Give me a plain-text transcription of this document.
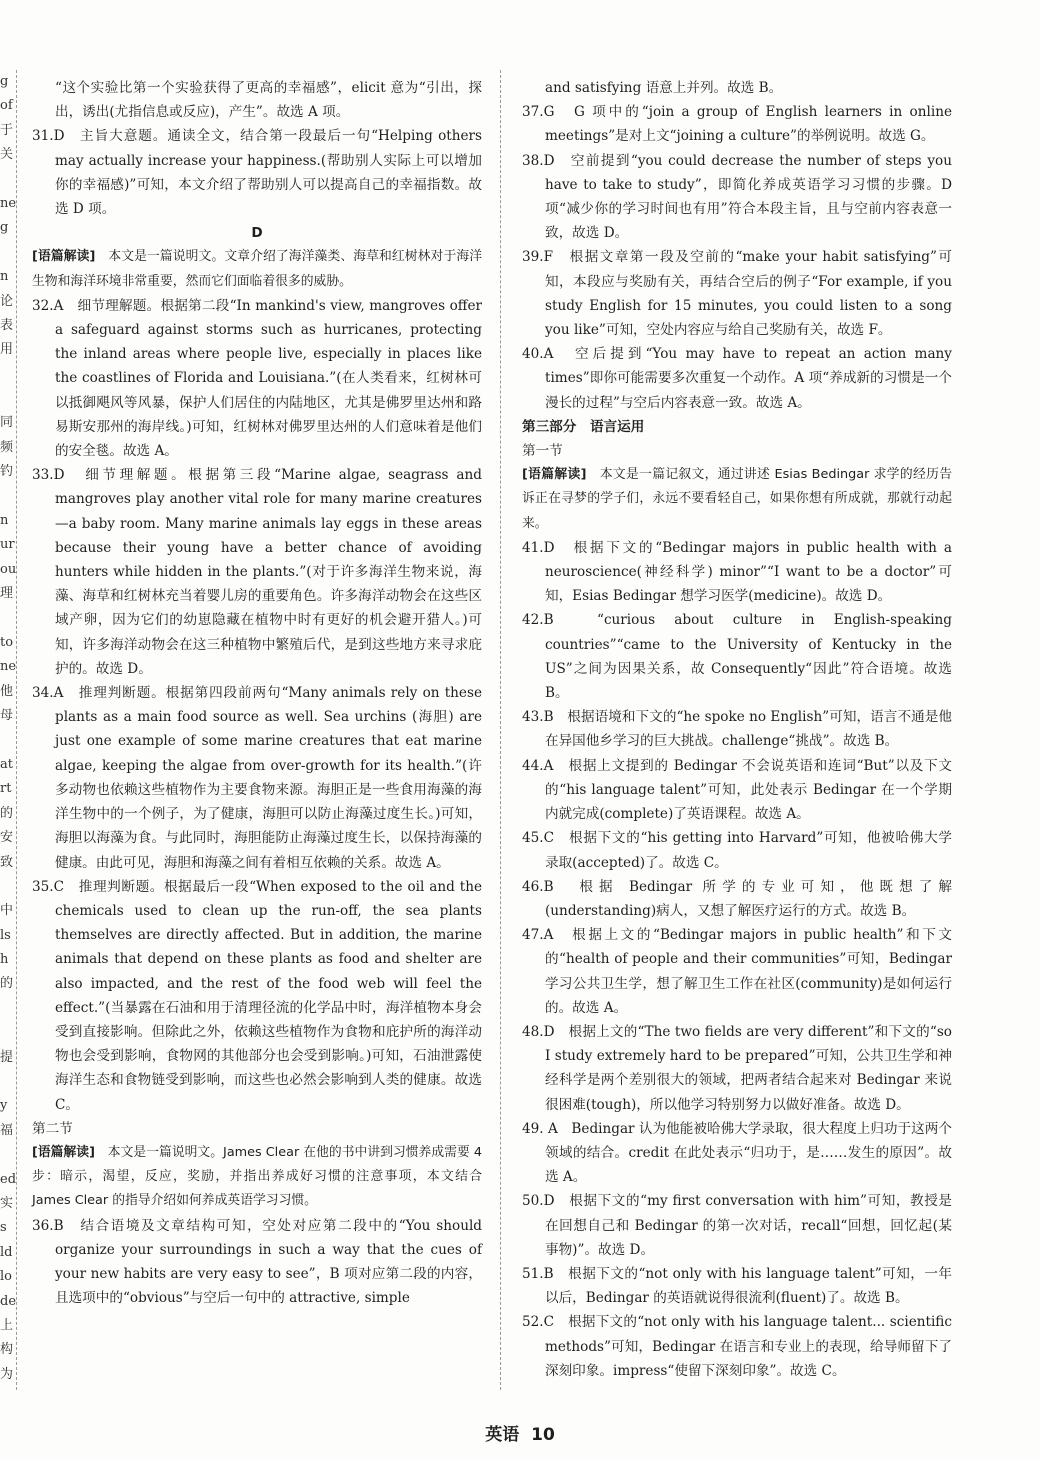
g
of
于
关
ne
g
n
论
表
用
同
频
钓
n
ur
ou
理
to
ne
他
母
at
rt
的
安
致
中
ls
h
的
提
y
福
ed
实
s
ld
lo
de
上
构
为

“这个实验比第一个实验获得了更高的幸福感”，elicit 意为“引出，探出，诱出(尤指信息或反应)，产生”。故选 A 项。

31.D　主旨大意题。通读全文，结合第一段最后一句“Helping others may actually increase your happiness.(帮助别人实际上可以增加你的幸福感)”可知，本文介绍了帮助别人可以提高自己的幸福指数。故选 D 项。

D

[ 语篇解读 ]　本文是一篇说明文。文章介绍了海洋藻类、海草和红树林对于海洋生物和海洋环境非常重要，然而它们面临着很多的威胁。

32.A　细节理解题。根据第二段“In mankind's view, mangroves offer a safeguard against storms such as hurricanes, protecting the inland areas where people live, especially in places like the coastlines of Florida and Louisiana.”(在人类看来，红树林可以抵御飓风等风暴，保护人们居住的内陆地区，尤其是佛罗里达州和路易斯安那州的海岸线。)可知，红树林对佛罗里达州的人们意味着是他们的安全毯。故选 A。

33.D　细节理解题。根据第三段“Marine algae, seagrass and mangroves play another vital role for many marine creatures—a baby room. Many marine animals lay eggs in these areas because their young have a better chance of avoiding hunters while hidden in the plants.”(对于许多海洋生物来说，海藻、海草和红树林充当着婴儿房的重要角色。许多海洋动物会在这些区域产卵，因为它们的幼崽隐藏在植物中时有更好的机会避开猎人。)可知，许多海洋动物会在这三种植物中繁殖后代，是到这些地方来寻求庇护的。故选 D。

34.A　推理判断题。根据第四段前两句“Many animals rely on these plants as a main food source as well. Sea urchins (海胆) are just one example of some marine creatures that eat marine algae, keeping the algae from over-growth for its health.”(许多动物也依赖这些植物作为主要食物来源。海胆正是一些食用海藻的海洋生物中的一个例子，为了健康，海胆可以防止海藻过度生长。)可知，海胆以海藻为食。与此同时，海胆能防止海藻过度生长，以保持海藻的健康。由此可见，海胆和海藻之间有着相互依赖的关系。故选 A。

35.C　推理判断题。根据最后一段“When exposed to the oil and the chemicals used to clean up the run-off, the sea plants themselves are directly affected. But in addition, the marine animals that depend on these plants as food and shelter are also impacted, and the rest of the food web will feel the effect.”(当暴露在石油和用于清理径流的化学品中时，海洋植物本身会受到直接影响。但除此之外，依赖这些植物作为食物和庇护所的海洋动物也会受到影响，食物网的其他部分也会受到影响。)可知，石油泄露使海洋生态和食物链受到影响，而这些也必然会影响到人类的健康。故选 C。

第二节

[ 语篇解读 ]　本文是一篇说明文。James Clear 在他的书中讲到习惯养成需要 4 步：暗示，渴望，反应，奖励，并指出养成好习惯的注意事项，本文结合 James Clear 的指导介绍如何养成英语学习习惯。

36.B　结合语境及文章结构可知，空处对应第二段中的“You should organize your surroundings in such a way that the cues of your new habits are very easy to see”，B 项对应第二段的内容，且选项中的“obvious”与空后一句中的 attractive, simple

and satisfying 语意上并列。故选 B。

37.G　G 项中的“join a group of English learners in online meetings”是对上文“joining a culture”的举例说明。故选 G。

38.D　空前提到“you could decrease the number of steps you have to take to study”，即简化养成英语学习习惯的步骤。D 项“减少你的学习时间也有用”符合本段主旨，且与空前内容表意一致，故选 D。

39.F　根据文章第一段及空前的“make your habit satisfying”可知，本段应与奖励有关，再结合空后的例子“For example, if you study English for 15 minutes, you could listen to a song you like”可知，空处内容应与给自己奖励有关，故选 F。

40.A　空后提到“You may have to repeat an action many times”即你可能需要多次重复一个动作。A 项“养成新的习惯是一个漫长的过程”与空后内容表意一致。故选 A。

第三部分　语言运用

第一节

[ 语篇解读 ]　本文是一篇记叙文，通过讲述 Esias Bedingar 求学的经历告诉正在寻梦的学子们，永远不要看轻自己，如果你想有所成就，那就行动起来。

41.D　根据下文的“Bedingar majors in public health with a neuroscience(神经科学) minor”“I want to be a doctor”可知，Esias Bedingar 想学习医学(medicine)。故选 D。

42.B　“curious about culture in English-speaking countries”“came to the University of Kentucky in the US”之间为因果关系，故 Consequently“因此”符合语境。故选 B。

43.B　根据语境和下文的“he spoke no English”可知，语言不通是他在异国他乡学习的巨大挑战。challenge“挑战”。故选 B。

44.A　根据上文提到的 Bedingar 不会说英语和连词“But”以及下文的“his language talent”可知，此处表示 Bedingar 在一个学期内就完成(complete)了英语课程。故选 A。

45.C　根据下文的“his getting into Harvard”可知，他被哈佛大学录取(accepted)了。故选 C。

46.B　根据 Bedingar 所学的专业可知，他既想了解(understanding)病人，又想了解医疗运行的方式。故选 B。

47.A　根据上文的“Bedingar majors in public health”和下文的“health of people and their communities”可知，Bedingar 学习公共卫生学，想了解卫生工作在社区(community)是如何运行的。故选 A。

48.D　根据上文的“The two fields are very different”和下文的“so I study extremely hard to be prepared”可知，公共卫生学和神经科学是两个差别很大的领域，把两者结合起来对 Bedingar 来说很困难(tough)，所以他学习特别努力以做好准备。故选 D。

49. A　Bedingar 认为他能被哈佛大学录取，很大程度上归功于这两个领域的结合。credit 在此处表示“归功于，是……发生的原因”。故选 A。

50.D　根据下文的“my first conversation with him”可知，教授是在回想自己和 Bedingar 的第一次对话，recall“回想，回忆起(某事物)”。故选 D。

51.B　根据下文的“not only with his language talent”可知，一年以后，Bedingar 的英语就说得很流利(fluent)了。故选 B。

52.C　根据下文的“not only with his language talent... scientific methods”可知，Bedingar 在语言和专业上的表现，给导师留下了深刻印象。impress“使留下深刻印象”。故选 C。

英语 10
